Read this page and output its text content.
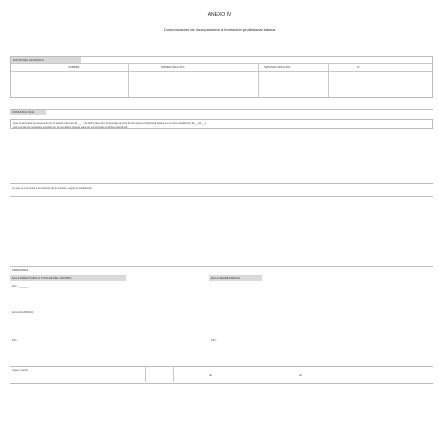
ANEXO IV
Comunicación de incorporación a formación profesional básica
DATOS DEL ALUMNO/A
NOMBRE	PRIMER APELLIDO	SEGUNDO APELLIDO	Nº
COMUNICA QUE:
Que el alumno/a ha propuesto por el equipo docente de ___ º de ESO para ser incorporado al ciclo de formación profesional básica en el curso académico 20__-20__ y
que cumple los requisitos exigidos en la normativa vigente para ser incorporado a dicha enseñanza.
Lo que se comunica a los efectos de lo previsto, según lo establecido.
FIRMANTES
EL/LA DIRECTOR/A O TITULAR DEL CENTRO
Fdo.: _______
EL/LA SECRETARIO/A
EL/LA ALUMNO/A
Fdo.:	Fdo.:
Lugar y fecha
de	de
